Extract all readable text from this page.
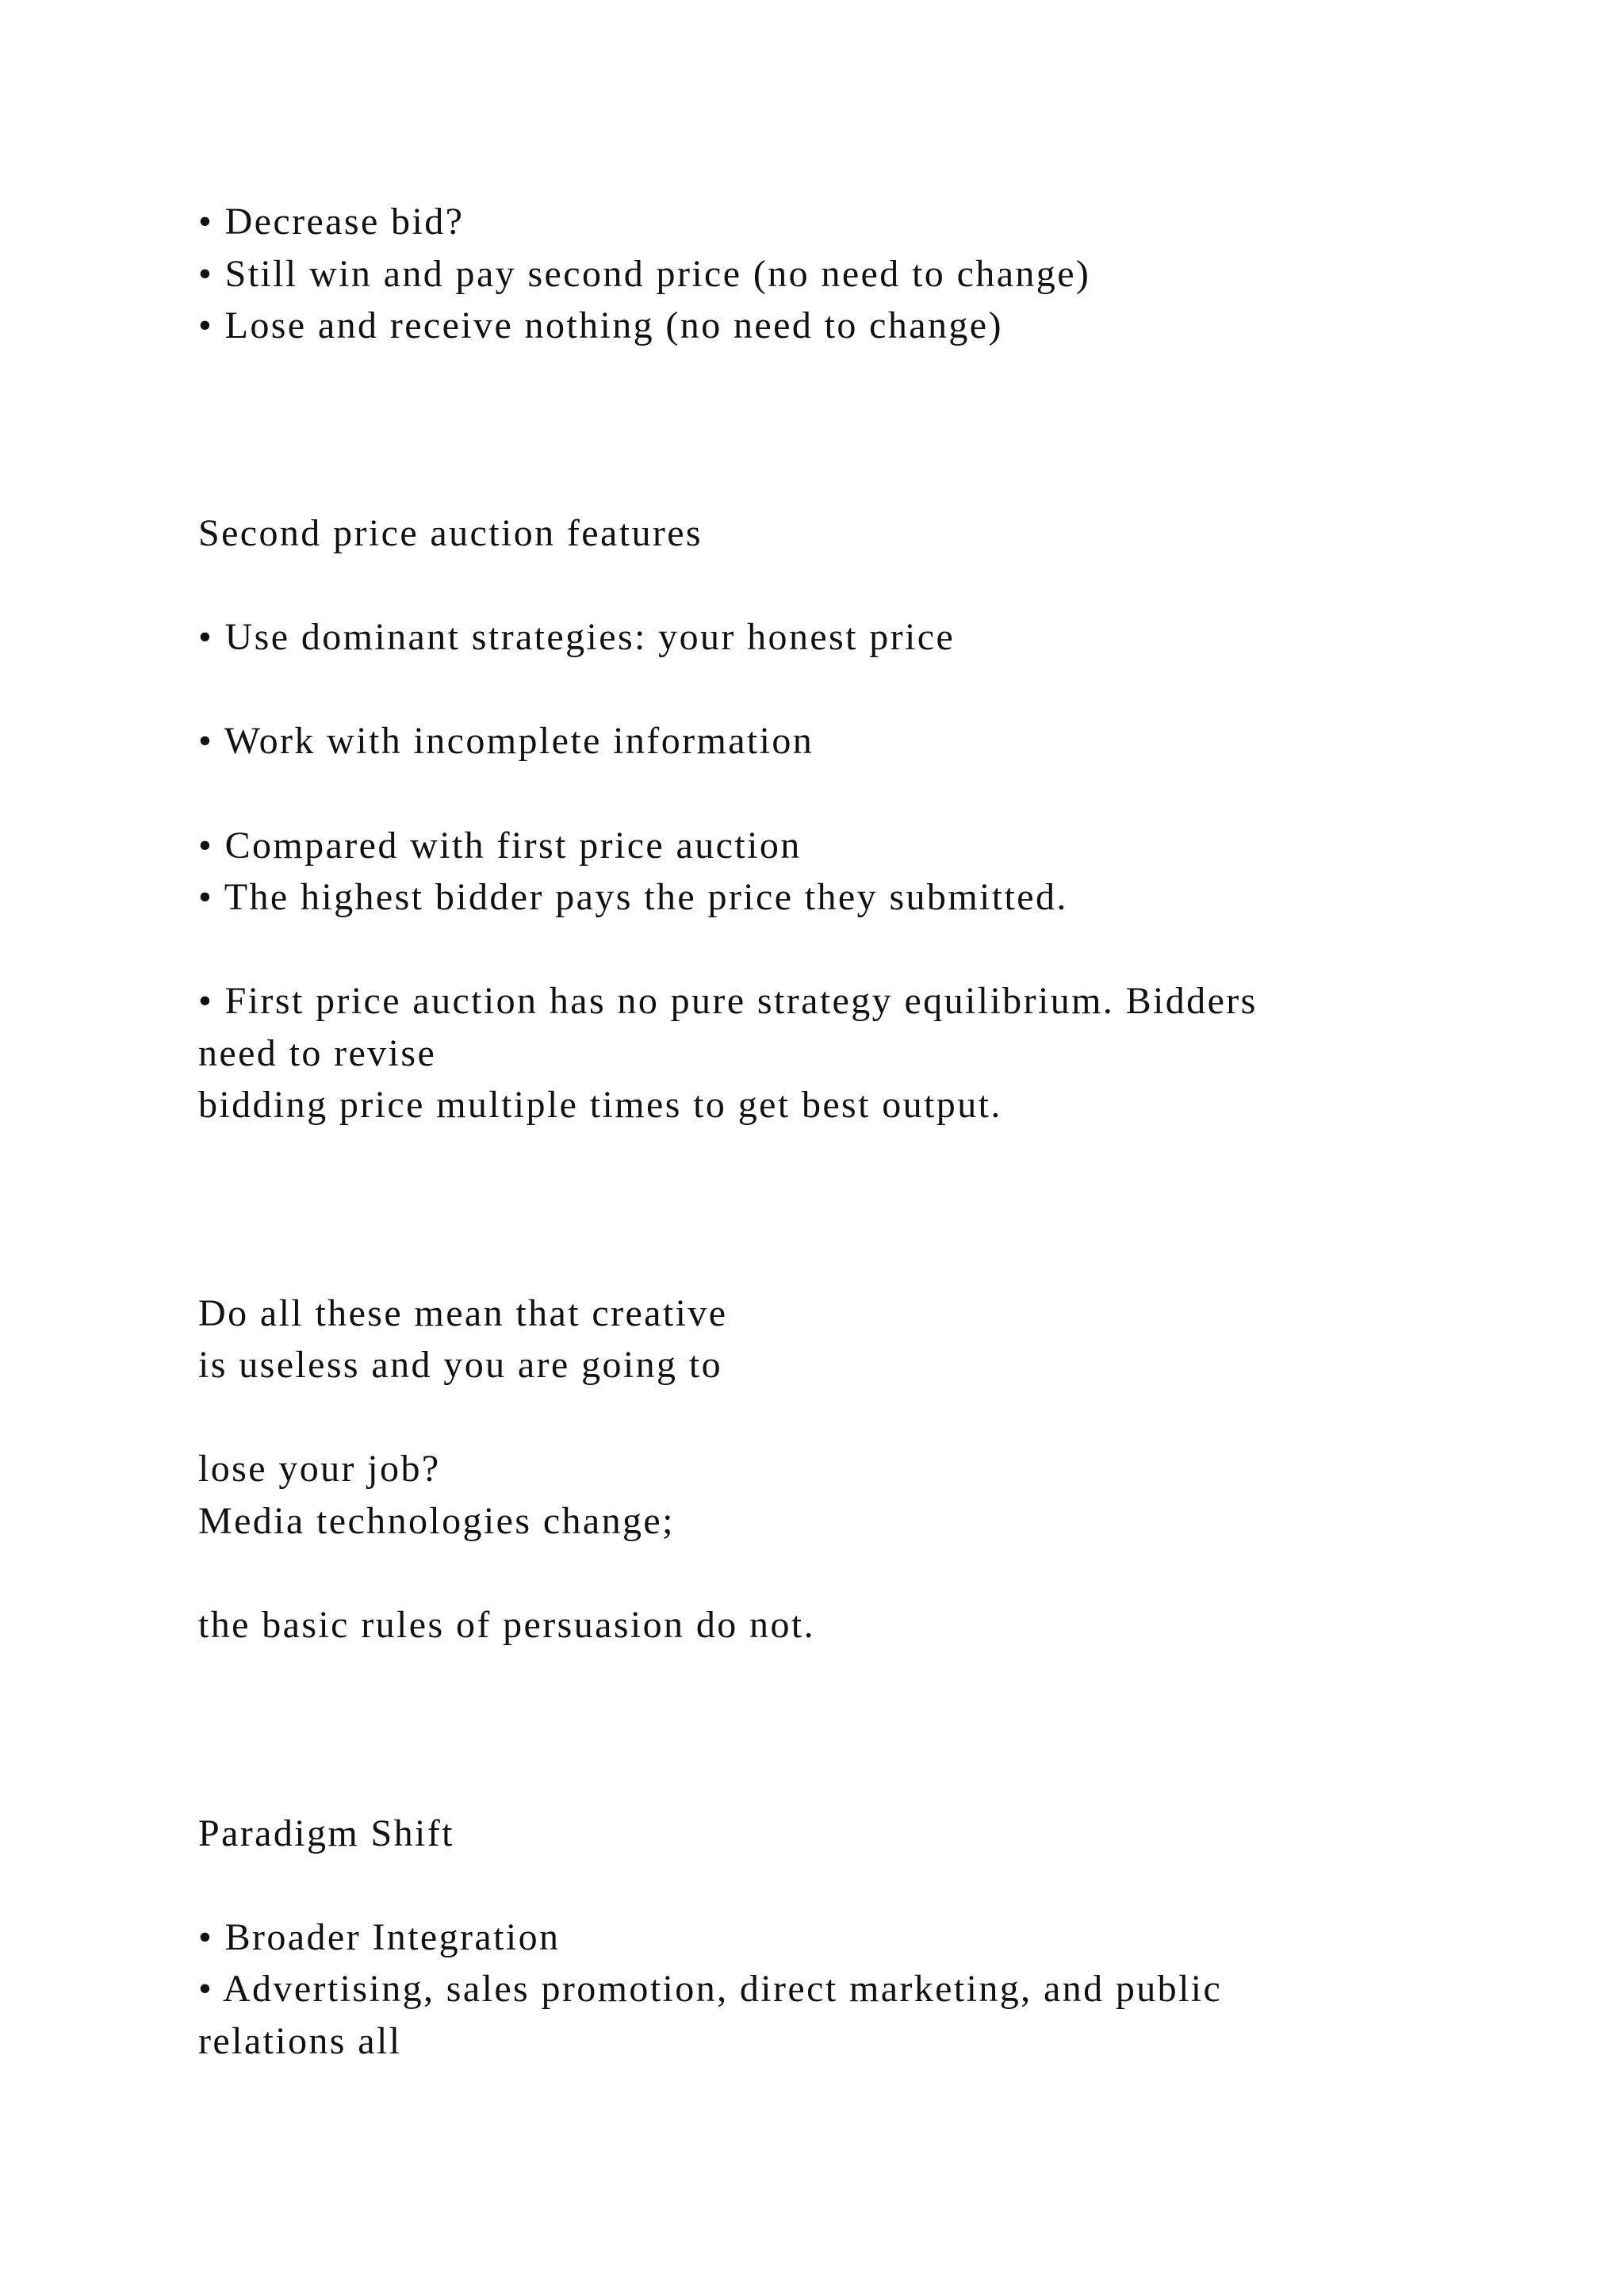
• Decrease bid?

• Still win and pay second price (no need to change)

• Lose and receive nothing (no need to change)

Second price auction features

• Use dominant strategies: your honest price

• Work with incomplete information

• Compared with first price auction

• The highest bidder pays the price they submitted.

• First price auction has no pure strategy equilibrium. Bidders

need to revise

bidding price multiple times to get best output.

Do all these mean that creative

is useless and you are going to

lose your job?

Media technologies change;

the basic rules of persuasion do not.

Paradigm Shift

• Broader Integration

• Advertising, sales promotion, direct marketing, and public

relations all
